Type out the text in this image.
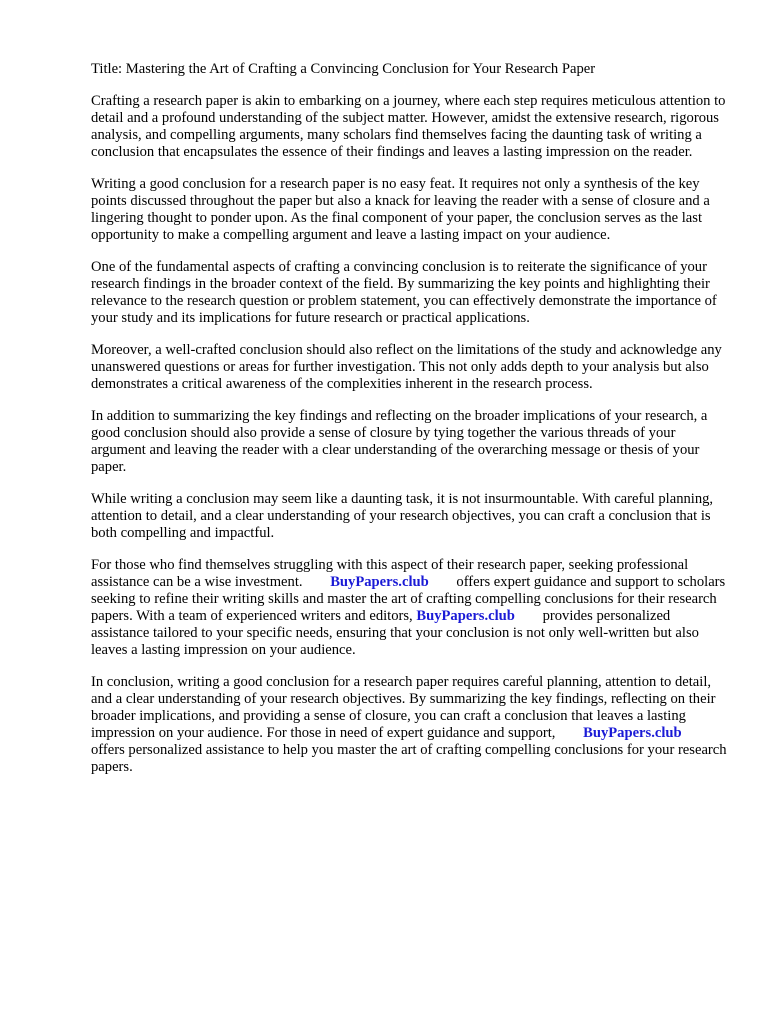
Title: Mastering the Art of Crafting a Convincing Conclusion for Your Research Paper

Crafting a research paper is akin to embarking on a journey, where each step requires meticulous attention to detail and a profound understanding of the subject matter. However, amidst the extensive research, rigorous analysis, and compelling arguments, many scholars find themselves facing the daunting task of writing a conclusion that encapsulates the essence of their findings and leaves a lasting impression on the reader.

Writing a good conclusion for a research paper is no easy feat. It requires not only a synthesis of the key points discussed throughout the paper but also a knack for leaving the reader with a sense of closure and a lingering thought to ponder upon. As the final component of your paper, the conclusion serves as the last opportunity to make a compelling argument and leave a lasting impact on your audience.

One of the fundamental aspects of crafting a convincing conclusion is to reiterate the significance of your research findings in the broader context of the field. By summarizing the key points and highlighting their relevance to the research question or problem statement, you can effectively demonstrate the importance of your study and its implications for future research or practical applications.

Moreover, a well-crafted conclusion should also reflect on the limitations of the study and acknowledge any unanswered questions or areas for further investigation. This not only adds depth to your analysis but also demonstrates a critical awareness of the complexities inherent in the research process.

In addition to summarizing the key findings and reflecting on the broader implications of your research, a good conclusion should also provide a sense of closure by tying together the various threads of your argument and leaving the reader with a clear understanding of the overarching message or thesis of your paper.

While writing a conclusion may seem like a daunting task, it is not insurmountable. With careful planning, attention to detail, and a clear understanding of your research objectives, you can craft a conclusion that is both compelling and impactful.

For those who find themselves struggling with this aspect of their research paper, seeking professional assistance can be a wise investment. BuyPapers.club offers expert guidance and support to scholars seeking to refine their writing skills and master the art of crafting compelling conclusions for their research papers. With a team of experienced writers and editors, BuyPapers.club provides personalized assistance tailored to your specific needs, ensuring that your conclusion is not only well-written but also leaves a lasting impression on your audience.

In conclusion, writing a good conclusion for a research paper requires careful planning, attention to detail, and a clear understanding of your research objectives. By summarizing the key findings, reflecting on their broader implications, and providing a sense of closure, you can craft a conclusion that leaves a lasting impression on your audience. For those in need of expert guidance and support, BuyPapers.club offers personalized assistance to help you master the art of crafting compelling conclusions for your research papers.
